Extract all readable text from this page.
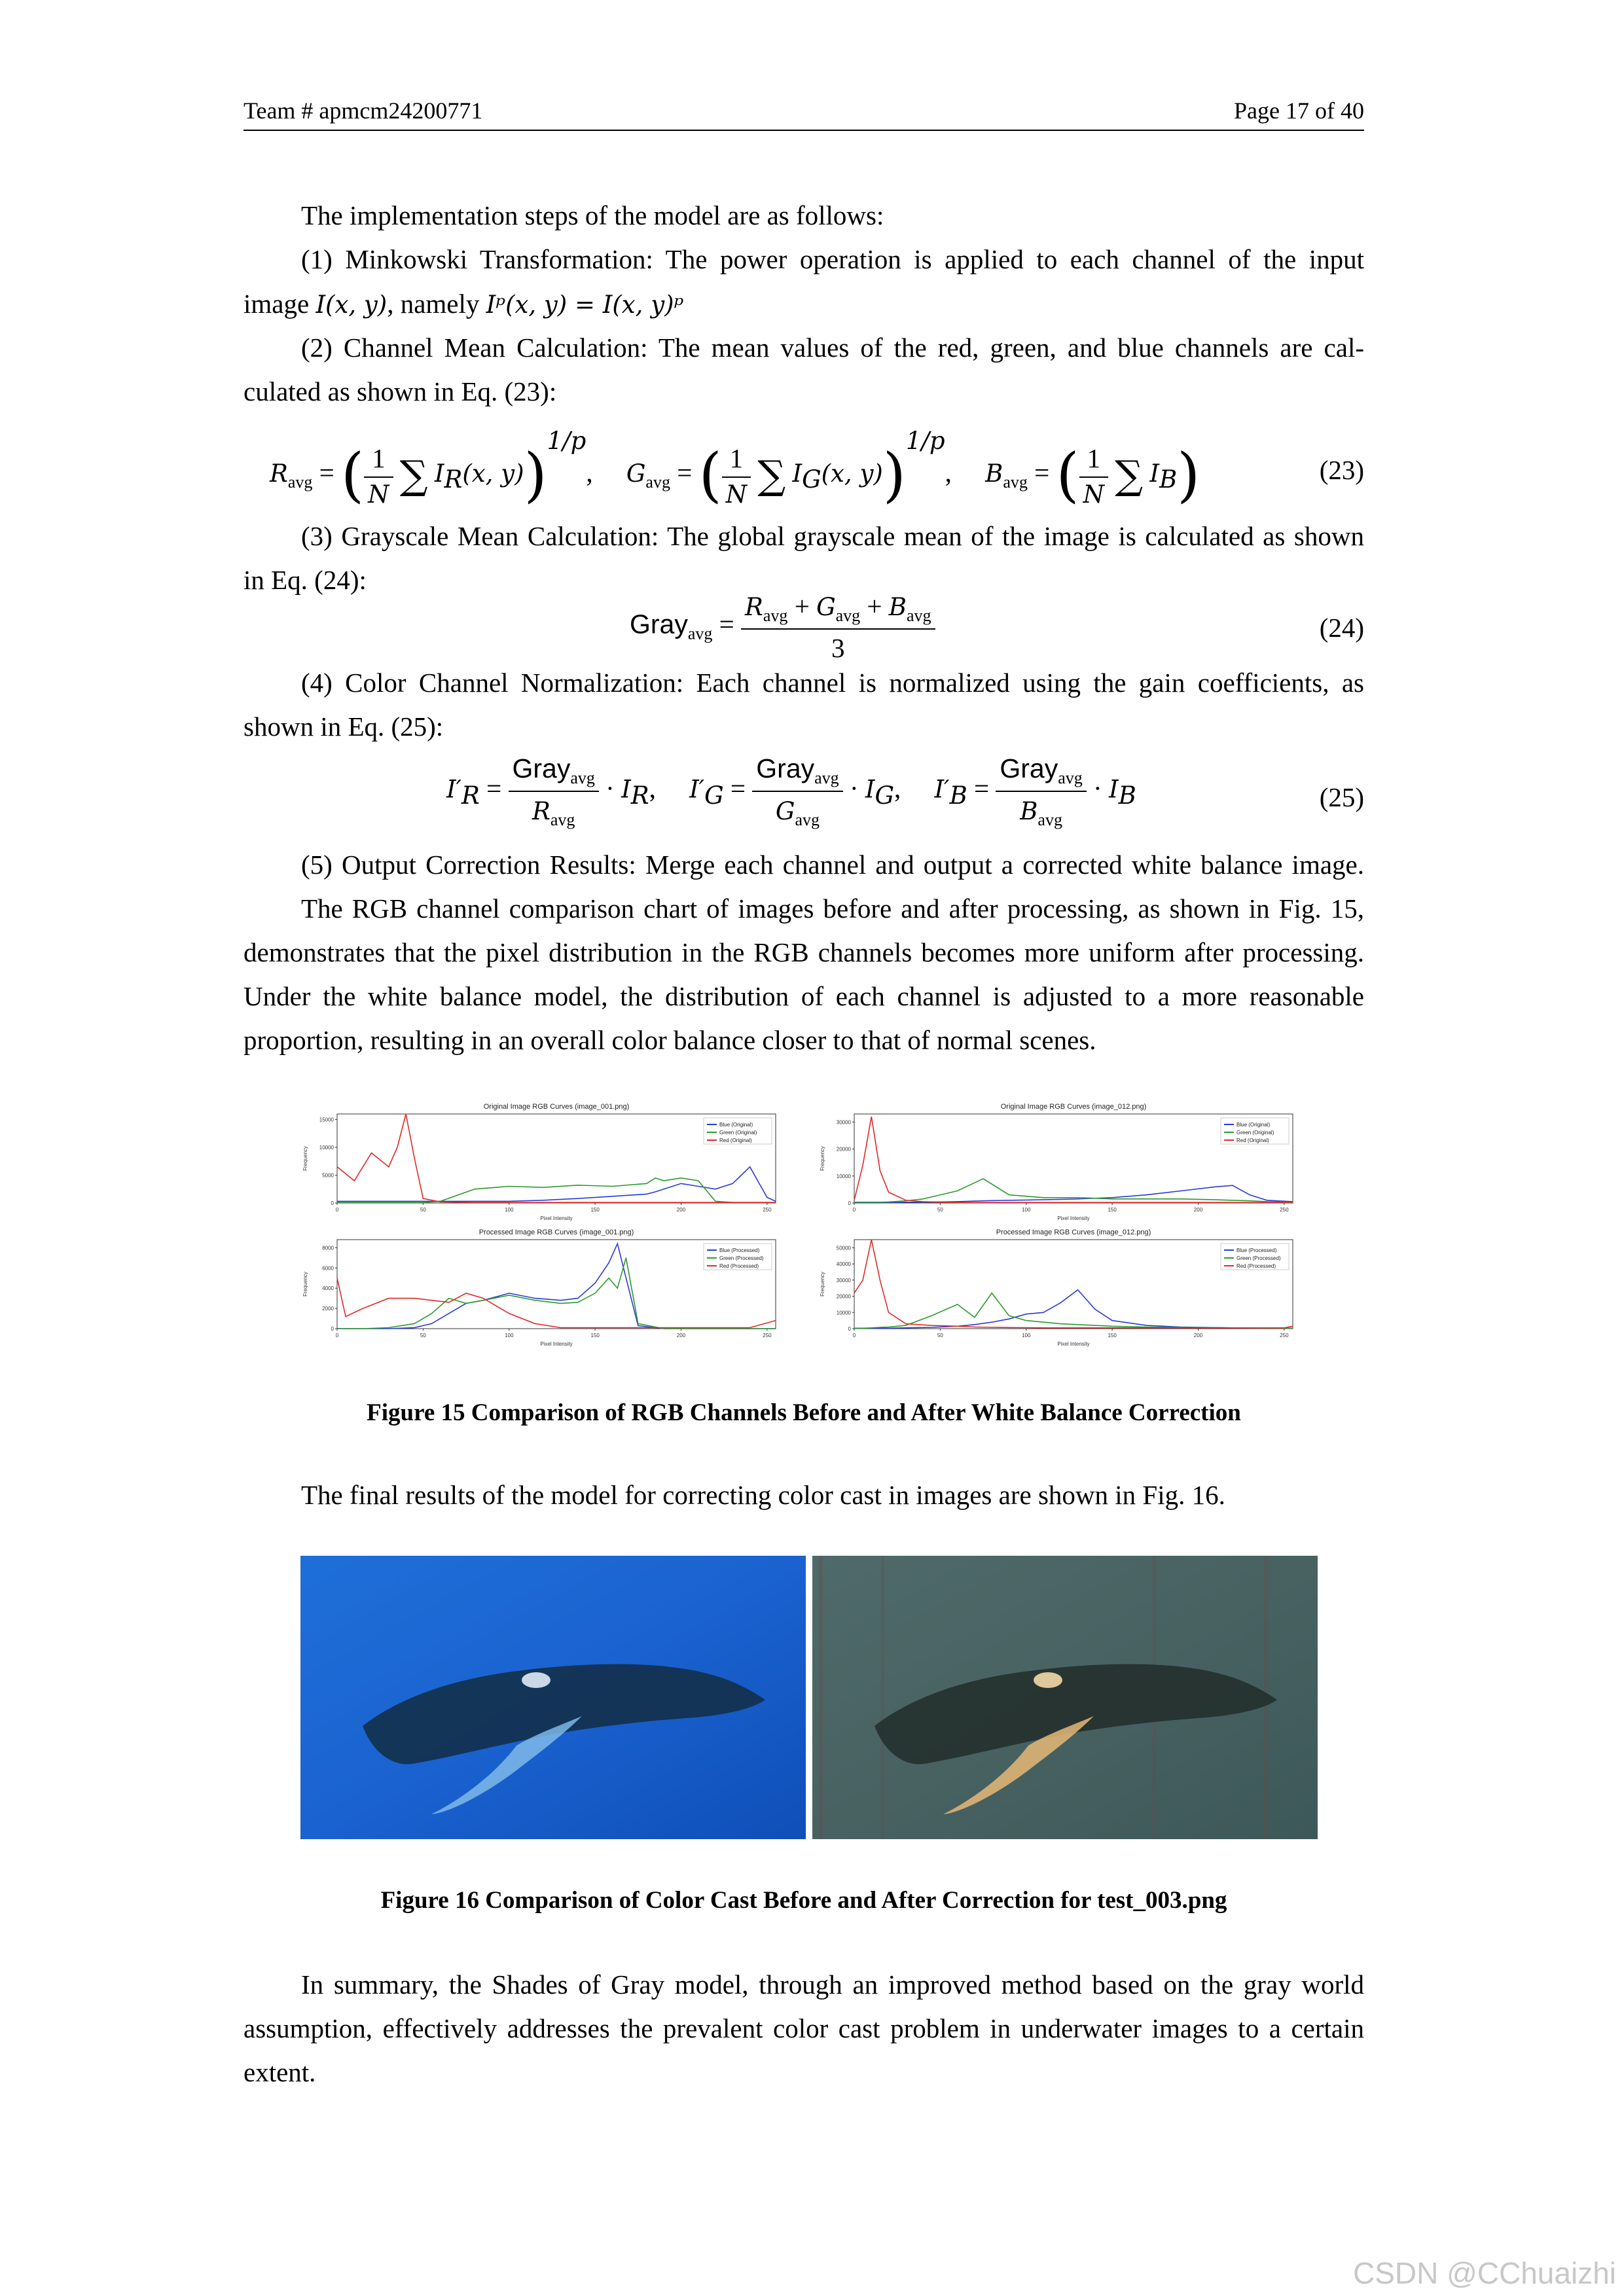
Team # apmcm24200771	Page 17 of 40
The implementation steps of the model are as follows:
(1) Minkowski Transformation: The power operation is applied to each channel of the input
image I(x, y), namely Iᵖ(x, y) = I(x, y)ᵖ
(2) Channel Mean Calculation: The mean values of the red, green, and blue channels are cal-
culated as shown in Eq. (23):
$R_{avg}$ = ( $\frac{1}{N}$ ∑ $I_R(x$, y))$^{1/p}$, $G_{avg}$ = ( $\frac{1}{N}$ ∑ $I_G(x$, y))$^{1/p}$, $B_{avg}$ = ( $\frac{1}{N}$ ∑ $I_B$)	(23)
(3) Grayscale Mean Calculation: The global grayscale mean of the image is calculated as shown
in Eq. (24):
Gray$_{avg}$ = $\frac{R_{avg} + G_{avg} + B_{avg}}{3}$	(24)
(4) Color Channel Normalization: Each channel is normalized using the gain coefficients, as
shown in Eq. (25):
$I'_R = \frac{Gray_{avg}}{R_{avg}} \cdot I_R$, $I'_G = \frac{Gray_{avg}}{G_{avg}} \cdot I_G$, $I'_B = \frac{Gray_{avg}}{B_{avg}} \cdot I_B$	(25)
(5) Output Correction Results: Merge each channel and output a corrected white balance image.
The RGB channel comparison chart of images before and after processing, as shown in Fig. 15,
demonstrates that the pixel distribution in the RGB channels becomes more uniform after processing.
Under the white balance model, the distribution of each channel is adjusted to a more reasonable
proportion, resulting in an overall color balance closer to that of normal scenes.
Original Image RGB Curves (image_001.png)
0	50	100	150	200	250
0
5000
10000
15000
Pixel Intensity
Frequency
Blue (Original)
Green (Original)
Red (Original)
Original Image RGB Curves (image_012.png)
0	50	100	150	200	250
0
10000
20000
30000
Pixel Intensity
Frequency
Blue (Original)
Green (Original)
Red (Original)
Processed Image RGB Curves (image_001.png)
0	50	100	150	200	250
0
2000
4000
6000
8000
Pixel Intensity
Frequency
Blue (Processed)
Green (Processed)
Red (Processed)
Processed Image RGB Curves (image_012.png)
0	50	100	150	200	250
0
10000
20000
30000
40000
50000
Pixel Intensity
Frequency
Blue (Processed)
Green (Processed)
Red (Processed)
Figure 15 Comparison of RGB Channels Before and After White Balance Correction
The final results of the model for correcting color cast in images are shown in Fig. 16.
Figure 16 Comparison of Color Cast Before and After Correction for test_003.png
In summary, the Shades of Gray model, through an improved method based on the gray world
assumption, effectively addresses the prevalent color cast problem in underwater images to a certain
extent.
CSDN @CChuaizhi
